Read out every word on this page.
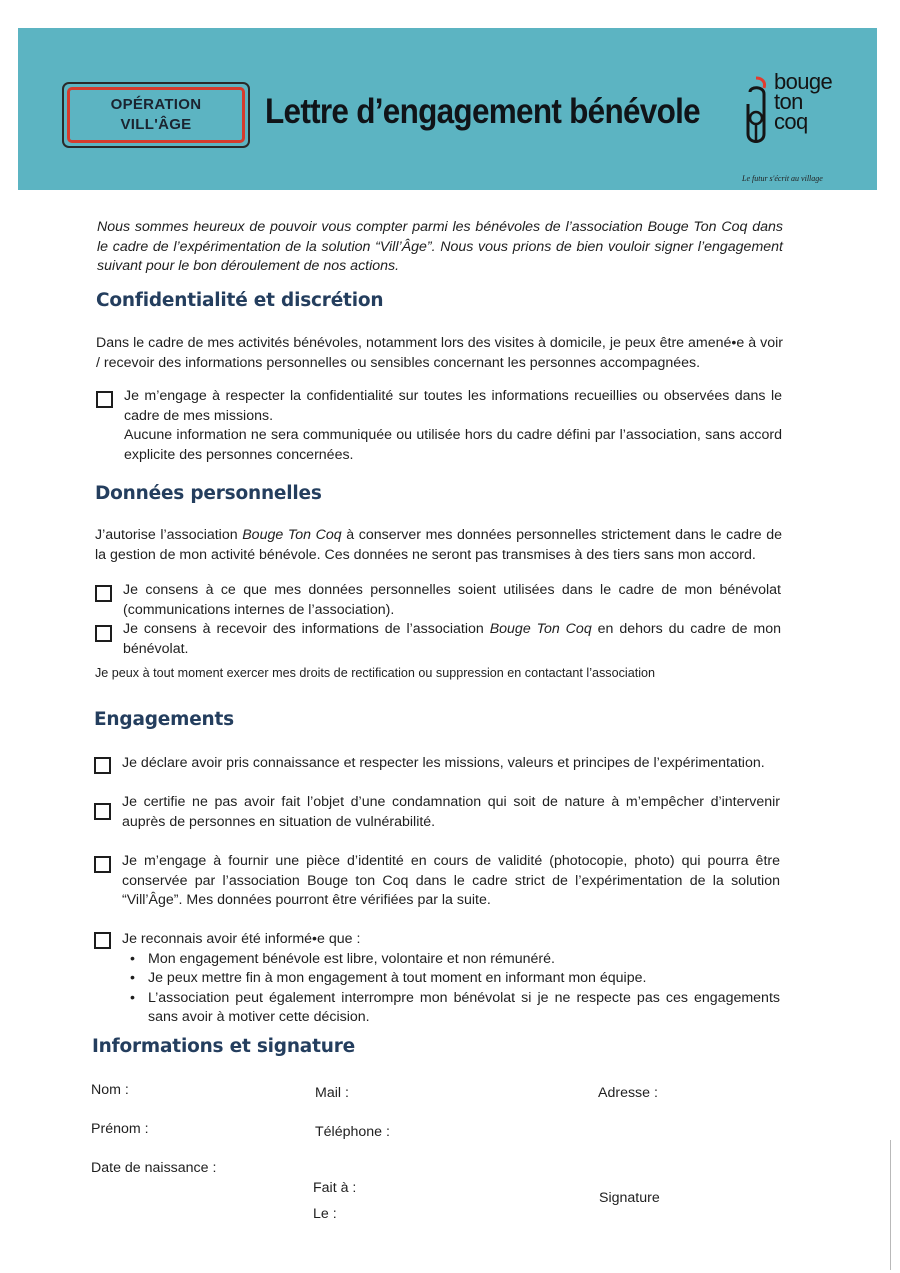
OPÉRATION
VILL'ÂGE Lettre d’engagement bénévole
bouge
ton
coq
Le futur s'écrit au village
Nous sommes heureux de pouvoir vous compter parmi les bénévoles de l’association Bouge Ton Coq dans le cadre de l’expérimentation de la solution “Vill’Âge”. Nous vous prions de bien vouloir signer l’engagement suivant pour le bon déroulement de nos actions.
Confidentialité et discrétion
Dans le cadre de mes activités bénévoles, notamment lors des visites à domicile, je peux être amené•e à voir / recevoir des informations personnelles ou sensibles concernant les personnes accompagnées.
Je m’engage à respecter la confidentialité sur toutes les informations recueillies ou observées dans le cadre de mes missions.
Aucune information ne sera communiquée ou utilisée hors du cadre défini par l’association, sans accord explicite des personnes concernées.
Données personnelles
J’autorise l’association Bouge Ton Coq à conserver mes données personnelles strictement dans le cadre de la gestion de mon activité bénévole. Ces données ne seront pas transmises à des tiers sans mon accord.
Je consens à ce que mes données personnelles soient utilisées dans le cadre de mon bénévolat (communications internes de l’association).
Je consens à recevoir des informations de l’association Bouge Ton Coq en dehors du cadre de mon bénévolat.
Je peux à tout moment exercer mes droits de rectification ou suppression en contactant l’association
Engagements
Je déclare avoir pris connaissance et respecter les missions, valeurs et principes de l’expérimentation.
Je certifie ne pas avoir fait l’objet d’une condamnation qui soit de nature à m’empêcher d’intervenir auprès de personnes en situation de vulnérabilité.
Je m’engage à fournir une pièce d’identité en cours de validité (photocopie, photo) qui pourra être conservée par l’association Bouge ton Coq dans le cadre strict de l’expérimentation de la solution “Vill’Âge”. Mes données pourront être vérifiées par la suite.
Je reconnais avoir été informé•e que :
• Mon engagement bénévole est libre, volontaire et non rémunéré.
• Je peux mettre fin à mon engagement à tout moment en informant mon équipe.
• L’association peut également interrompre mon bénévolat si je ne respecte pas ces engagements sans avoir à motiver cette décision.
Informations et signature
Nom :
Prénom :
Date de naissance :
Mail :
Téléphone :
Fait à :
Le :
Adresse :
Signature
